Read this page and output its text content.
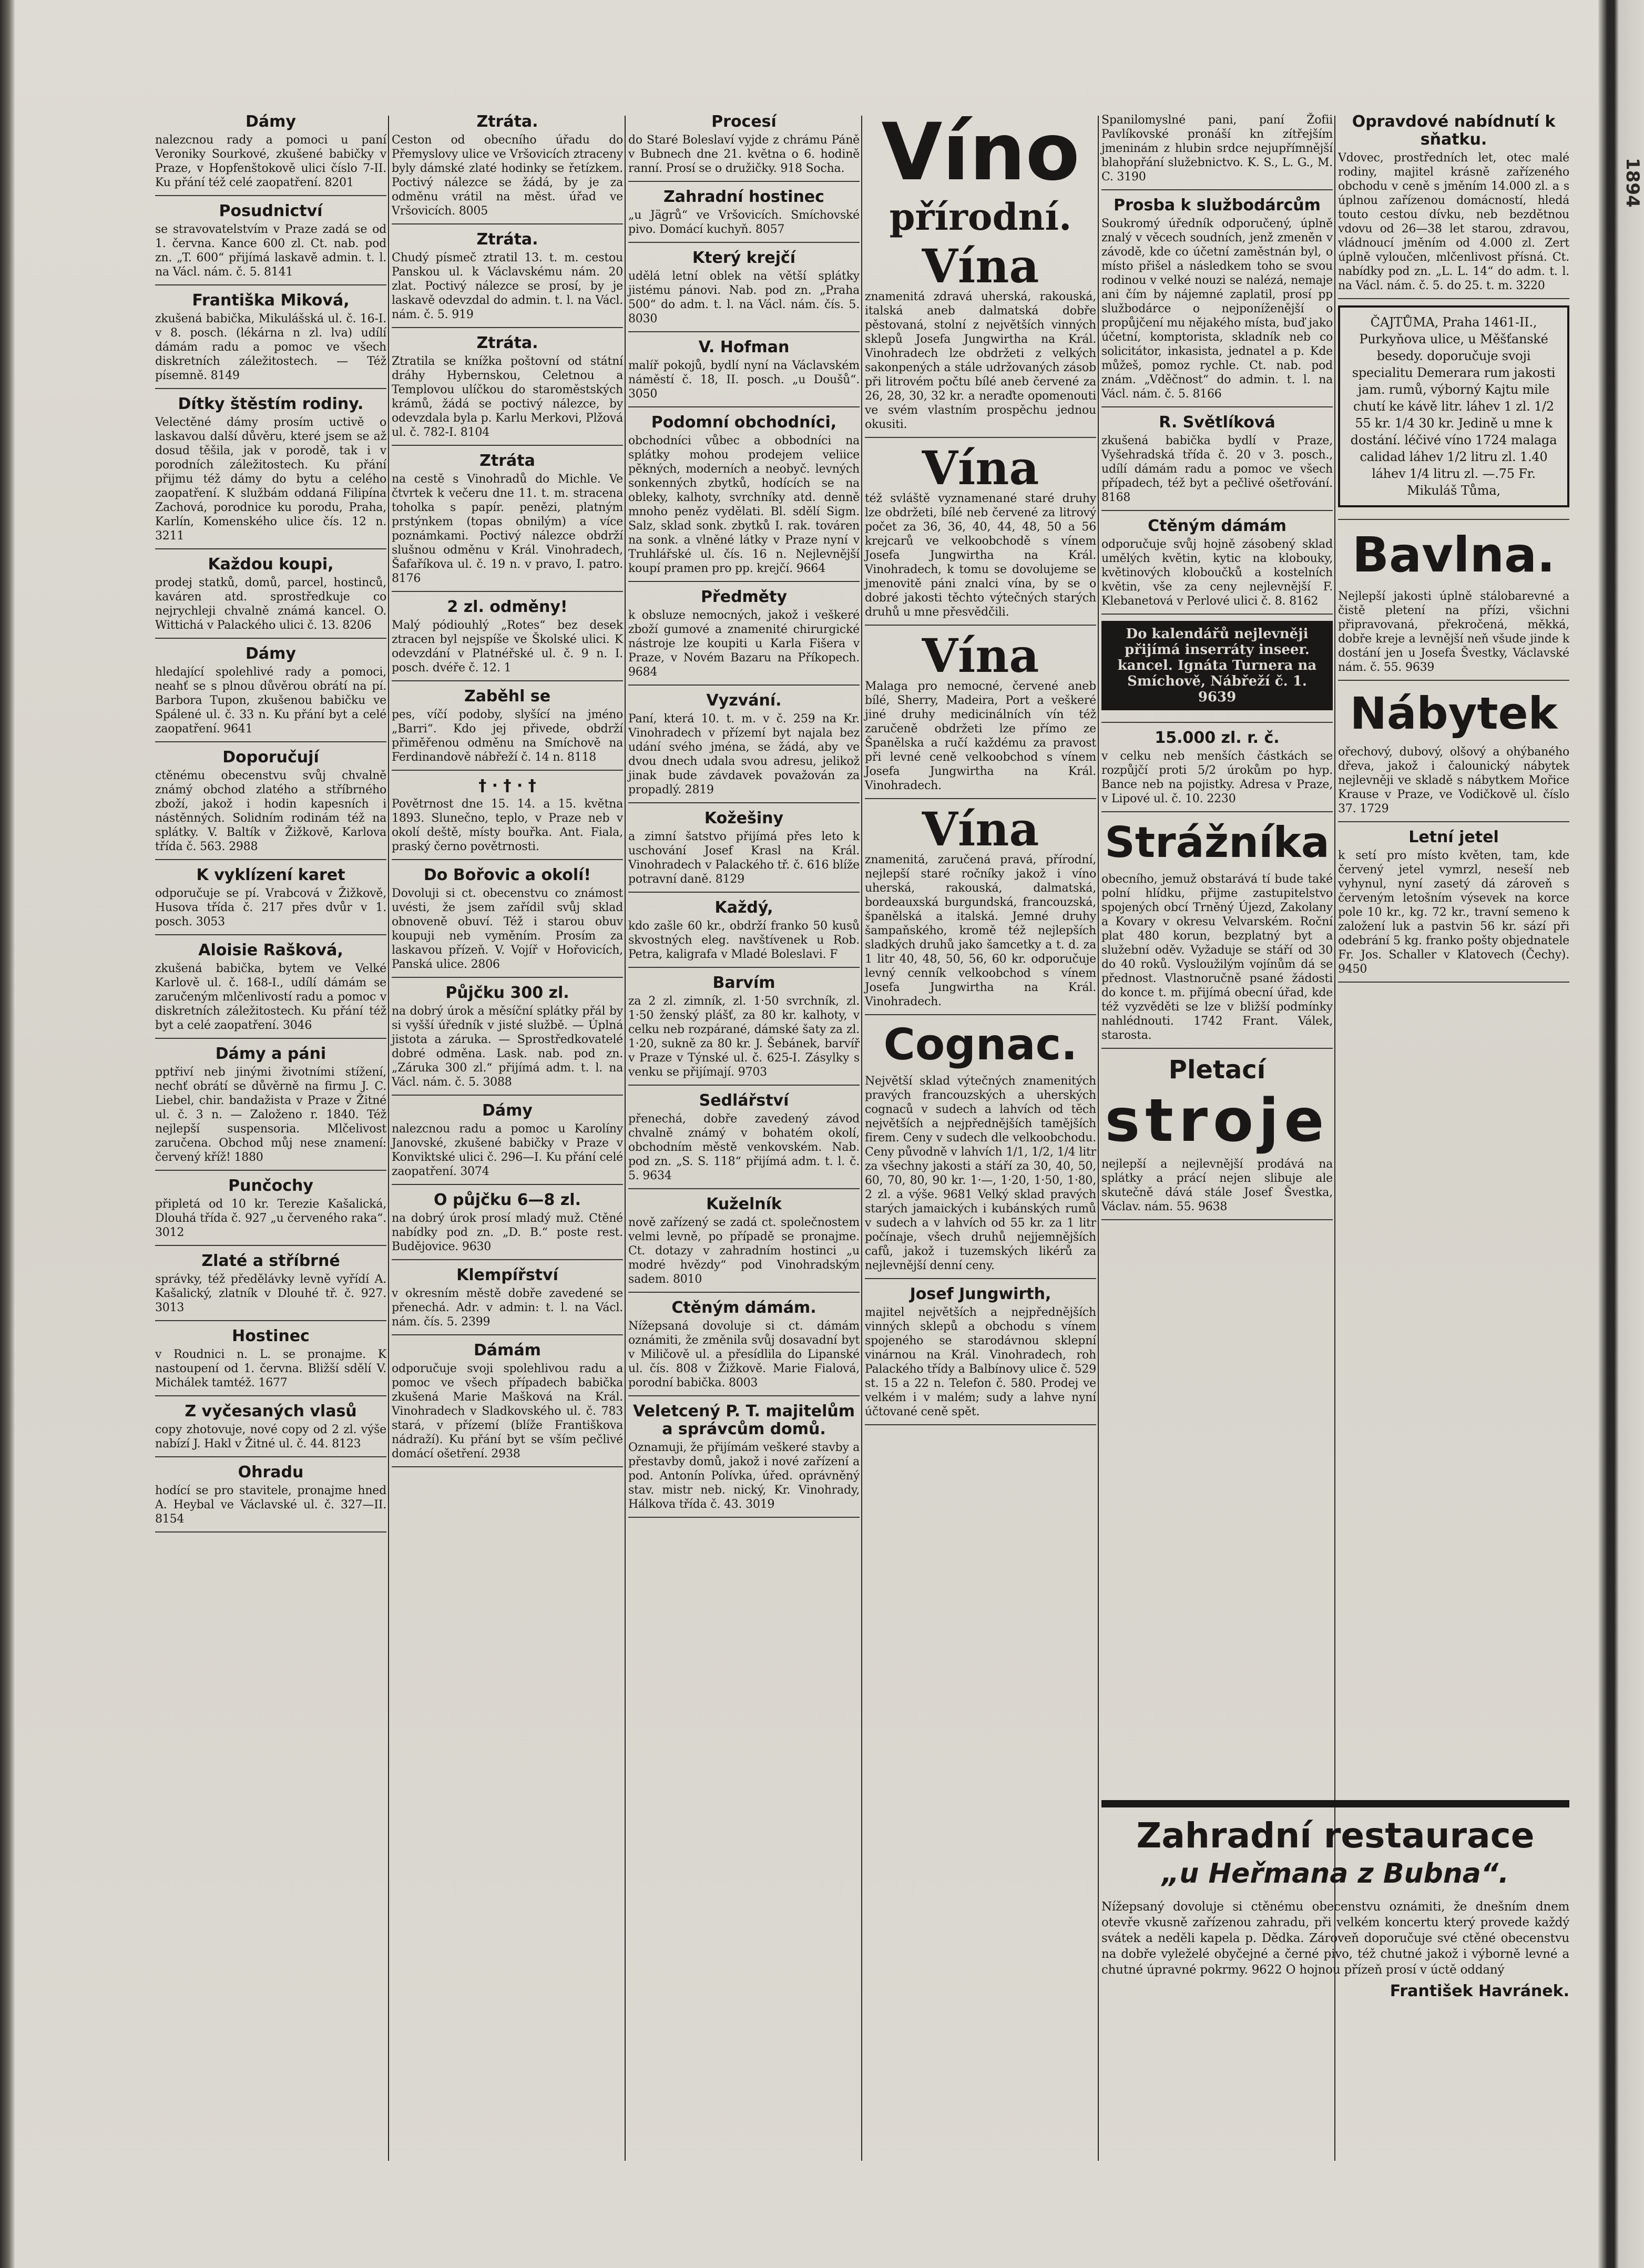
Dámy
nalezcnou rady a pomoci u paní Veroniky Sourkové, zkušené babičky v Praze, v Hopfenštokově ulici číslo 7-II. Ku přání též celé zaopatření. 8201
Posudnictví
se stravovatelstvím v Praze zadá se od 1. června. Kance 600 zl. Ct. nab. pod zn. „T. 600“ přijímá laskavě admin. t. l. na Václ. nám. č. 5. 8141
Františka Miková,
zkušená babička, Mikulášská ul. č. 16-I. v 8. posch. (lékárna n zl. lva) udílí dámám radu a pomoc ve všech diskretních záležitostech. — Též písemně. 8149
Dítky štěstím rodiny.
Velectěné dámy prosím uctivě o laskavou další důvěru, které jsem se až dosud těšila, jak v porodě, tak i v porodních záležitostech. Ku přání přijmu též dámy do bytu a celého zaopatření. K službám oddaná Filipína Zachová, porodnice ku porodu, Praha, Karlín, Komenského ulice čís. 12 n. 3211
Každou koupi,
prodej statků, domů, parcel, hostinců, kaváren atd. sprostředkuje co nejrychleji chvalně známá kancel. O. Wittichá v Palackého ulici č. 13. 8206
Dámy
hledající spolehlivé rady a pomoci, neahť se s plnou důvěrou obrátí na pí. Barbora Tupon, zkušenou babičku ve Spálené ul. č. 33 n. Ku přání byt a celé zaopatření. 9641
Doporučují
ctěnému obecenstvu svůj chvalně známý obchod zlatého a stříbrného zboží, jakož i hodin kapesních i nástěnných. Solidním rodinám též na splátky. V. Baltík v Žižkově, Karlova třída č. 563. 2988
K vyklízení karet
odporučuje se pí. Vrabcová v Žižkově, Husova třída č. 217 přes dvůr v 1. posch. 3053
Aloisie Rašková,
zkušená babička, bytem ve Velké Karlově ul. č. 168-I., udílí dámám se zaručeným mlčenlivostí radu a pomoc v diskretních záležitostech. Ku přání též byt a celé zaopatření. 3046
Dámy a páni
pptřiví neb jinými životními stížení, nechť obrátí se důvěrně na firmu J. C. Liebel, chir. bandažista v Praze v Žitné ul. č. 3 n. — Založeno r. 1840. Též nejlepší suspensoria. Mlčelivost zaručena. Obchod můj nese znamení: červený kříž! 1880
Punčochy
připletá od 10 kr. Terezie Kašalická, Dlouhá třída č. 927 „u červeného raka“. 3012
Zlaté a stříbrné
správky, též předělávky levně vyřídí A. Kašalický, zlatník v Dlouhé tř. č. 927. 3013
Hostinec
v Roudnici n. L. se pronajme. K nastoupení od 1. června. Bližší sdělí V. Michálek tamtéž. 1677
Z vyčesaných vlasů
copy zhotovuje, nové copy od 2 zl. výše nabízí J. Hakl v Žitné ul. č. 44. 8123
Ohradu
hodící se pro stavitele, pronajme hned A. Heybal ve Václavské ul. č. 327—II. 8154
Ztráta.
Ceston od obecního úřadu do Přemyslovy ulice ve Vršovicích ztraceny byly dámské zlaté hodinky se řetízkem. Poctivý nálezce se žádá, by je za odměnu vrátil na měst. úřad ve Vršovicích. 8005
Ztráta.
Chudý písmeč ztratil 13. t. m. cestou Panskou ul. k Václavskému nám. 20 zlat. Poctivý nálezce se prosí, by je laskavě odevzdal do admin. t. l. na Václ. nám. č. 5. 919
Ztráta.
Ztratila se knížka poštovní od státní dráhy Hybernskou, Celetnou a Templovou ulíčkou do staroměstských krámů, žádá se poctivý nálezce, by odevzdala byla p. Karlu Merkovi, Plžová ul. č. 782-I. 8104
Ztráta
na cestě s Vinohradů do Michle. Ve čtvrtek k večeru dne 11. t. m. stracena toholka s papír. penězi, platným prstýnkem (topas obnilým) a více poznámkami. Poctivý nálezce obdrží slušnou odměnu v Král. Vinohradech, Šafaříkova ul. č. 19 n. v pravo, I. patro. 8176
2 zl. odměny!
Malý pódiouhlý „Rotes“ bez desek ztracen byl nejspíše ve Školské ulici. K odevzdání v Platnéřské ul. č. 9 n. I. posch. dvéře č. 12. 1
Zaběhl se
pes, víčí podoby, slyšící na jméno „Barri“. Kdo jej přivede, obdrží přiměřenou odměnu na Smíchově na Ferdinandově nábřeží č. 14 n. 8118
† · † · †
Povětrnost dne 15. 14. a 15. května 1893. Slunečno, teplo, v Praze neb v okolí deště, místy bouřka. Ant. Fiala, praský černo povětrnosti.
Do Bořovic a okolí!
Dovoluji si ct. obecenstvu co známost uvésti, že jsem zařídil svůj sklad obnoveně obuví. Též i starou obuv koupuji neb vyměním. Prosím za laskavou přízeň. V. Vojíř v Hořovicích, Panská ulice. 2806
Půjčku 300 zl.
na dobrý úrok a měsíční splátky přál by si vyšší úředník v jisté službě. — Úplná jistota a záruka. — Sprostředkovatelé dobré odměna. Lask. nab. pod zn. „Záruka 300 zl.“ přijímá adm. t. l. na Václ. nám. č. 5. 3088
Dámy
nalezcnou radu a pomoc u Karolíny Janovské, zkušené babičky v Praze v Konviktské ulici č. 296—I. Ku přání celé zaopatření. 3074
O půjčku 6—8 zl.
na dobrý úrok prosí mladý muž. Ctěné nabídky pod zn. „D. B.“ poste rest. Budějovice. 9630
Klempířství
v okresním městě dobře zavedené se přenechá. Adr. v admin: t. l. na Václ. nám. čís. 5. 2399
Dámám
odporučuje svoji spolehlivou radu a pomoc ve všech případech babička zkušená Marie Mašková na Král. Vinohradech v Sladkovského ul. č. 783 stará, v přízemí (blíže Františkova nádraží). Ku přání byt se vším pečlivé domácí ošetření. 2938
Procesí
do Staré Boleslaví vyjde z chrámu Páně v Bubnech dne 21. května o 6. hodině ranní. Prosí se o družičky. 918 Socha.
Zahradní hostinec
„u Jägrů“ ve Vršovicích. Smíchovské pivo. Domácí kuchyň. 8057
Který krejčí
udělá letní oblek na větší splátky jistému pánovi. Nab. pod zn. „Praha 500“ do adm. t. l. na Václ. nám. čís. 5. 8030
V. Hofman
malíř pokojů, bydlí nyní na Václavském náměstí č. 18, II. posch. „u Doušů“. 3050
Podomní obchodníci,
obchodníci vůbec a obbodníci na splátky mohou prodejem veliice pěkných, moderních a neobyč. levných sonkenných zbytků, hodících se na obleky, kalhoty, svrchníky atd. denně mnoho peněz vydělati. Bl. sdělí Sigm. Salz, sklad sonk. zbytků I. rak. továren na sonk. a vlněné látky v Praze nyní v Truhlářské ul. čís. 16 n. Nejlevnější koupí pramen pro pp. krejčí. 9664
Předměty
k obsluze nemocných, jakož i veškeré zboží gumové a znamenité chirurgické nástroje lze koupiti u Karla Fišera v Praze, v Novém Bazaru na Příkopech. 9684
Vyzvání.
Paní, která 10. t. m. v č. 259 na Kr. Vinohradech v přízemí byt najala bez udání svého jména, se žádá, aby ve dvou dnech udala svou adresu, jelikož jinak bude závdavek považován za propadlý. 2819
Kožešiny
a zimní šatstvo přijímá přes leto k uschování Josef Krasl na Král. Vinohradech v Palackého tř. č. 616 blíže potravní daně. 8129
Každý,
kdo zašle 60 kr., obdrží franko 50 kusů skvostných eleg. navštívenek u Rob. Petra, kaligrafa v Mladé Boleslavi. F
Barvím
za 2 zl. zimník, zl. 1·50 svrchník, zl. 1·50 ženský plášť, za 80 kr. kalhoty, v celku neb rozpárané, dámské šaty za zl. 1·20, sukně za 80 kr. J. Šebánek, barvíř v Praze v Týnské ul. č. 625-I. Zásylky s venku se přijímají. 9703
Sedlářství
přenechá, dobře zavedený závod chvalně známý v bohatém okolí, obchodním městě venkovském. Nab. pod zn. „S. S. 118“ přijímá adm. t. l. č. 5. 9634
Kuželník
nově zařízený se zadá ct. společnostem velmi levně, po případě se pronajme. Ct. dotazy v zahradním hostinci „u modré hvězdy“ pod Vinohradským sadem. 8010
Ctěným dámám.
Nížepsaná dovoluje si ct. dámám oznámiti, že změnila svůj dosavadní byt v Miličově ul. a přesídlila do Lipanské ul. čís. 808 v Žižkově. Marie Fialová, porodní babička. 8003
Veletcený P. T. majitelům a správcům domů.
Oznamuji, že přijímám veškeré stavby a přestavby domů, jakož i nové zařízení a pod. Antonín Polívka, úřed. oprávněný stav. mistr neb. nický, Kr. Vinohrady, Hálkova třída č. 43. 3019
Víno
přírodní.
Vína
znamenitá zdravá uherská, rakouská, italská aneb dalmatská dobře pěstovaná, stolní z největších vinných sklepů Josefa Jungwirtha na Král. Vinohradech lze obdržeti z velkých sakonpených a stále udržovaných zásob při litrovém počtu bílé aneb červené za 26, 28, 30, 32 kr. a neraďte opomenouti ve svém vlastním prospěchu jednou okusiti.
Vína
též svláště vyznamenané staré druhy lze obdržeti, bílé neb červené za litrový počet za 36, 36, 40, 44, 48, 50 a 56 krejcarů ve velkoobchodě s vínem Josefa Jungwirtha na Král. Vinohradech, k tomu se dovolujeme se jmenovitě páni znalci vína, by se o dobré jakosti těchto výtečných starých druhů u mne přesvědčili.
Vína
Malaga pro nemocné, červené aneb bílé, Sherry, Madeira, Port a veškeré jiné druhy medicinálních vín též zaručeně obdržeti lze přímo ze Španělska a ručí každému za pravost při levné ceně velkoobchod s vínem Josefa Jungwirtha na Král. Vinohradech.
Vína
znamenitá, zaručená pravá, přírodní, nejlepší staré ročníky jakož i víno uherská, rakouská, dalmatská, bordeauxská burgundská, francouzská, španělská a italská. Jemné druhy šampaňského, kromě též nejlepších sladkých druhů jako šamcetky a t. d. za 1 litr 40, 48, 50, 56, 60 kr. odporučuje levný cenník velkoobchod s vínem Josefa Jungwirtha na Král. Vinohradech.
Cognac.
Největší sklad výtečných znamenitých pravých francouzských a uherských cognaců v sudech a lahvích od těch největších a nejpřednějších tamějších firem. Ceny v sudech dle velkoobchodu. Ceny původně v lahvích 1/1, 1/2, 1/4 litr za všechny jakosti a stáří za 30, 40, 50, 60, 70, 80, 90 kr. 1·—, 1·20, 1·50, 1·80, 2 zl. a výše. 9681 Velký sklad pravých starých jamaických i kubánských rumů v sudech a v lahvích od 55 kr. za 1 litr počínaje, všech druhů nejjemnějších cafů, jakož i tuzemských likérů za nejlevnější denní ceny.
Josef Jungwirth,
majitel největších a nejpřednějších vinných sklepů a obchodu s vínem spojeného se starodávnou sklepní vinárnou na Král. Vinohradech, roh Palackého třídy a Balbínovy ulice č. 529 st. 15 a 22 n. Telefon č. 580. Prodej ve velkém i v malém; sudy a lahve nyní účtované ceně spět.
Spanilomyslné pani, paní Žofii Pavlíkovské pronáší kn zítřejším jmeninám z hlubin srdce nejupřímnější blahopřání služebnictvo. K. S., L. G., M. C. 3190
Prosba k službodárcům
Soukromý úředník odporučený, úplně znalý v věcech soudních, jenž zmeněn v závodě, kde co účetní zaměstnán byl, o místo přišel a následkem toho se svou rodinou v velké nouzi se nalézá, nemaje ani čím by nájemné zaplatil, prosí pp službodárce o nejponíženější o propůjčení mu nějakého místa, buď jako účetní, komptorista, skladník neb co solicitátor, inkasista, jednatel a p. Kde můžeš, pomoz rychle. Ct. nab. pod znám. „Vděčnost“ do admin. t. l. na Václ. nám. č. 5. 8166
R. Světlíková
zkušená babička bydlí v Praze, Vyšehradská třída č. 20 v 3. posch., udílí dámám radu a pomoc ve všech případech, též byt a pečlivé ošetřování. 8168
Ctěným dámám
odporučuje svůj hojně zásobený sklad umělých květin, kytic na klobouky, květinových kloboučků a kostelních květin, vše za ceny nejlevnější F. Klebanetová v Perlové ulici č. 8. 8162
Do kalendářů nejlevněji přijímá inserráty inseer. kancel. Ignáta Turnera na Smíchově, Nábřeží č. 1. 9639
15.000 zl. r. č.
v celku neb menších částkách se rozpůjčí proti 5/2 úrokům po hyp. Bance neb na pojistky. Adresa v Praze, v Lipové ul. č. 10. 2230
Strážníka
obecního, jemuž obstarává tí bude také polní hlídku, přijme zastupitelstvo spojených obcí Trněný Újezd, Zakolany a Kovary v okresu Velvarském. Roční plat 480 korun, bezplatný byt a služební oděv. Vyžaduje se stáří od 30 do 40 roků. Vysloužilým vojínům dá se přednost. Vlastnoručně psané žádosti do konce t. m. přijímá obecní úřad, kde též vyzvěděti se lze v bližší podmínky nahlédnouti. 1742 Frant. Válek, starosta.
Pletací
stroje
nejlepší a nejlevnější prodává na splátky a prácí nejen slibuje ale skutečně dává stále Josef Švestka, Václav. nám. 55. 9638
Opravdové nabídnutí k sňatku.
Vdovec, prostředních let, otec malé rodiny, majitel krásně zařízeného obchodu v ceně s jměním 14.000 zl. a s úplnou zařízenou domácností, hledá touto cestou dívku, neb bezdětnou vdovu od 26—38 let starou, zdravou, vládnoucí jměním od 4.000 zl. Zert úplně vyloučen, mlčenlivost přísná. Ct. nabídky pod zn. „L. L. 14“ do adm. t. l. na Václ. nám. č. 5. do 25. t. m. 3220
ČAJTŮMA, Praha 1461-II., Purkyňova ulice, u Měšťanské besedy. doporučuje svoji specialitu Demerara rum jakosti jam. rumů, výborný Kajtu mile chutí ke kávě litr. láhev 1 zl. 1/2 55 kr. 1/4 30 kr. Jedině u mne k dostání. léčivé víno 1724 malaga calidad láhev 1/2 litru zl. 1.40 láhev 1/4 litru zl. —.75 Fr. Mikuláš Tůma,
Bavlna.
Nejlepší jakosti úplně stálobarevné a čistě pletení na přízi, všichni připravovaná, překročená, měkká, dobře kreje a levnější neň všude jinde k dostání jen u Josefa Švestky, Václavské nám. č. 55. 9639
Nábytek
ořechový, dubový, olšový a ohýbaného dřeva, jakož i čalounický nábytek nejlevněji ve skladě s nábytkem Mořice Krause v Praze, ve Vodičkově ul. číslo 37. 1729
Letní jetel
k setí pro místo květen, tam, kde červený jetel vymrzl, neseší neb vyhynul, nyní zasetý dá zároveň s červeným letošním výsevek na korce pole 10 kr., kg. 72 kr., travní semeno k založení luk a pastvin 56 kr. sází při odebrání 5 kg. franko pošty objednatele Fr. Jos. Schaller v Klatovech (Čechy). 9450
Zahradní restaurace
„u Heřmana z Bubna“.
Nížepsaný dovoluje si ctěnému obecenstvu oznámiti, že dnešním dnem otevře vkusně zařízenou zahradu, při velkém koncertu který provede každý svátek a neděli kapela p. Dědka. Zároveň doporučuje své ctěné obecenstvu na dobře vyleželé obyčejné a černé pivo, též chutné jakož i výborně levné a chutné úpravné pokrmy. 9622 O hojnou přízeň prosí v úctě oddaný
František Havránek.
1894
